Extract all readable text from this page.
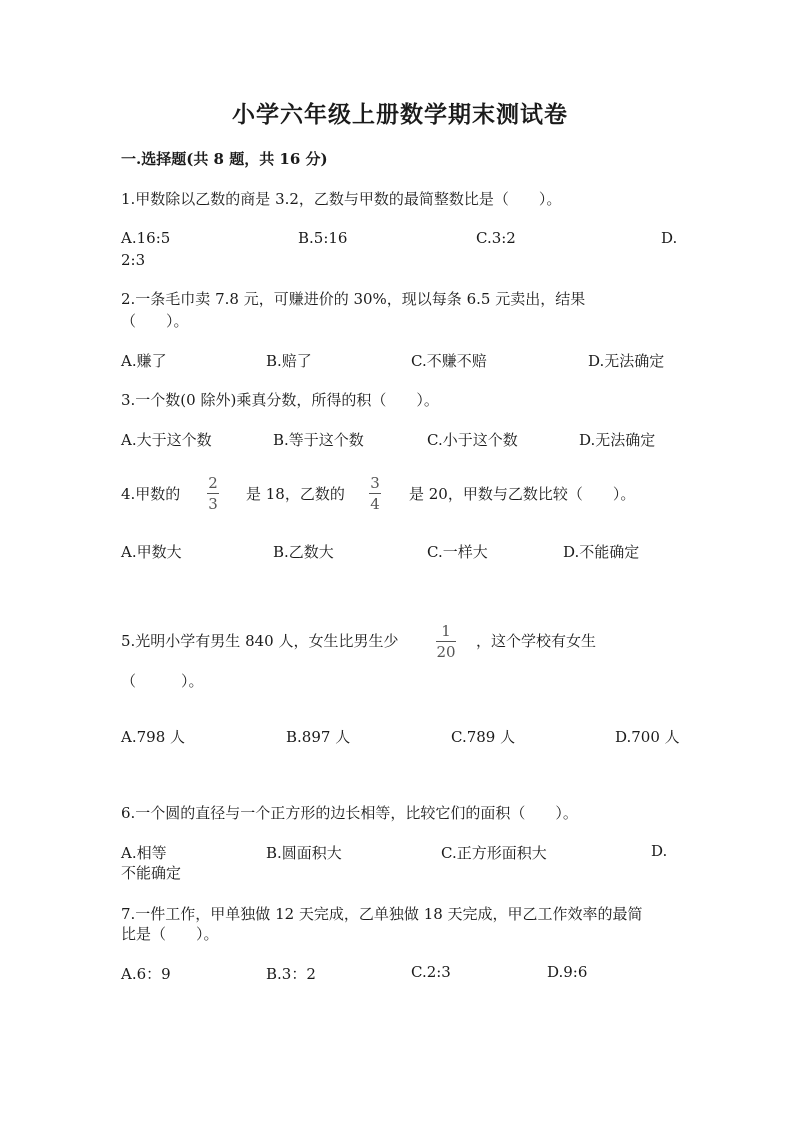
小学六年级上册数学期末测试卷
一.选择题(共 8 题，共 16 分)
1.甲数除以乙数的商是 3.2，乙数与甲数的最简整数比是（　　）。
A.16:5	B.5:16	C.3:2	D.
2:3
2.一条毛巾卖 7.8 元，可赚进价的 30%，现以每条 6.5 元卖出，结果
（　　）。
A.赚了	B.赔了	C.不赚不赔	D.无法确定
3.一个数(0 除外)乘真分数，所得的积（　　）。
A.大于这个数	B.等于这个数	C.小于这个数	D.无法确定
4.甲数的
2
3
是 18，乙数的
3
4
是 20，甲数与乙数比较（　　）。
A.甲数大	B.乙数大	C.一样大	D.不能确定
5.光明小学有男生 840 人，女生比男生少
1
20
，这个学校有女生
（　　　）。
A.798 人	B.897 人	C.789 人	D.700 人
6.一个圆的直径与一个正方形的边长相等，比较它们的面积（　　）。
A.相等	B.圆面积大	C.正方形面积大	D.
不能确定
7.一件工作，甲单独做 12 天完成，乙单独做 18 天完成，甲乙工作效率的最简
比是（　　）。
A.6：9	B.3：2	C.2:3	D.9:6
